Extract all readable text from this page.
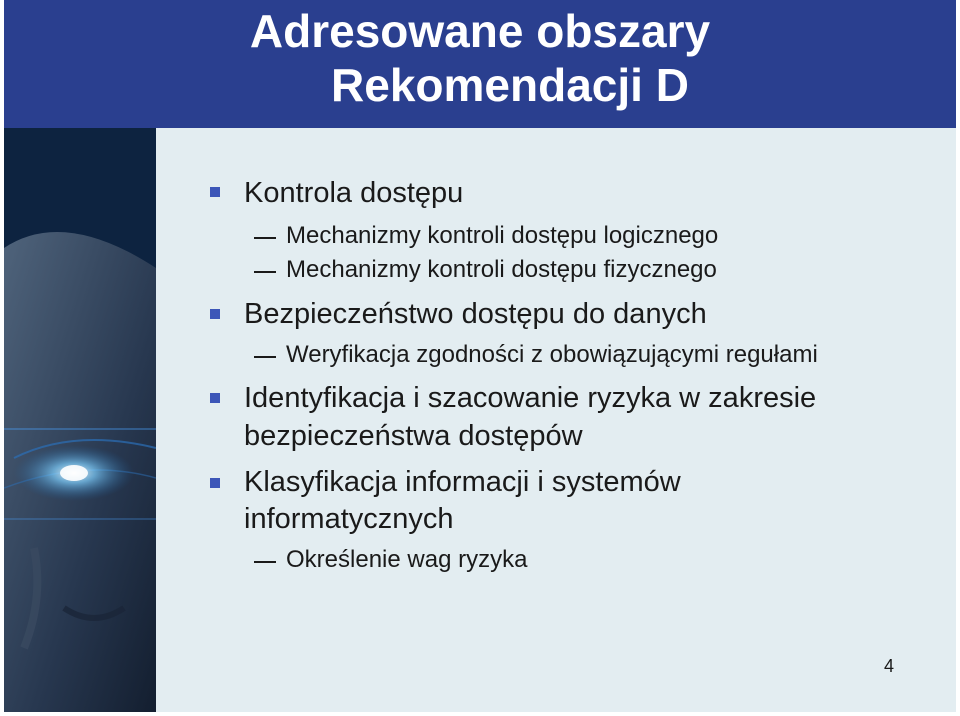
Adresowane obszary
Rekomendacji D
Kontrola dostępu
Mechanizmy kontroli dostępu logicznego
Mechanizmy kontroli dostępu fizycznego
Bezpieczeństwo dostępu do danych
Weryfikacja zgodności z obowiązującymi regułami
Identyfikacja i szacowanie ryzyka w zakresie
bezpieczeństwa dostępów
Klasyfikacja informacji i systemów
informatycznych
Określenie wag ryzyka
4
